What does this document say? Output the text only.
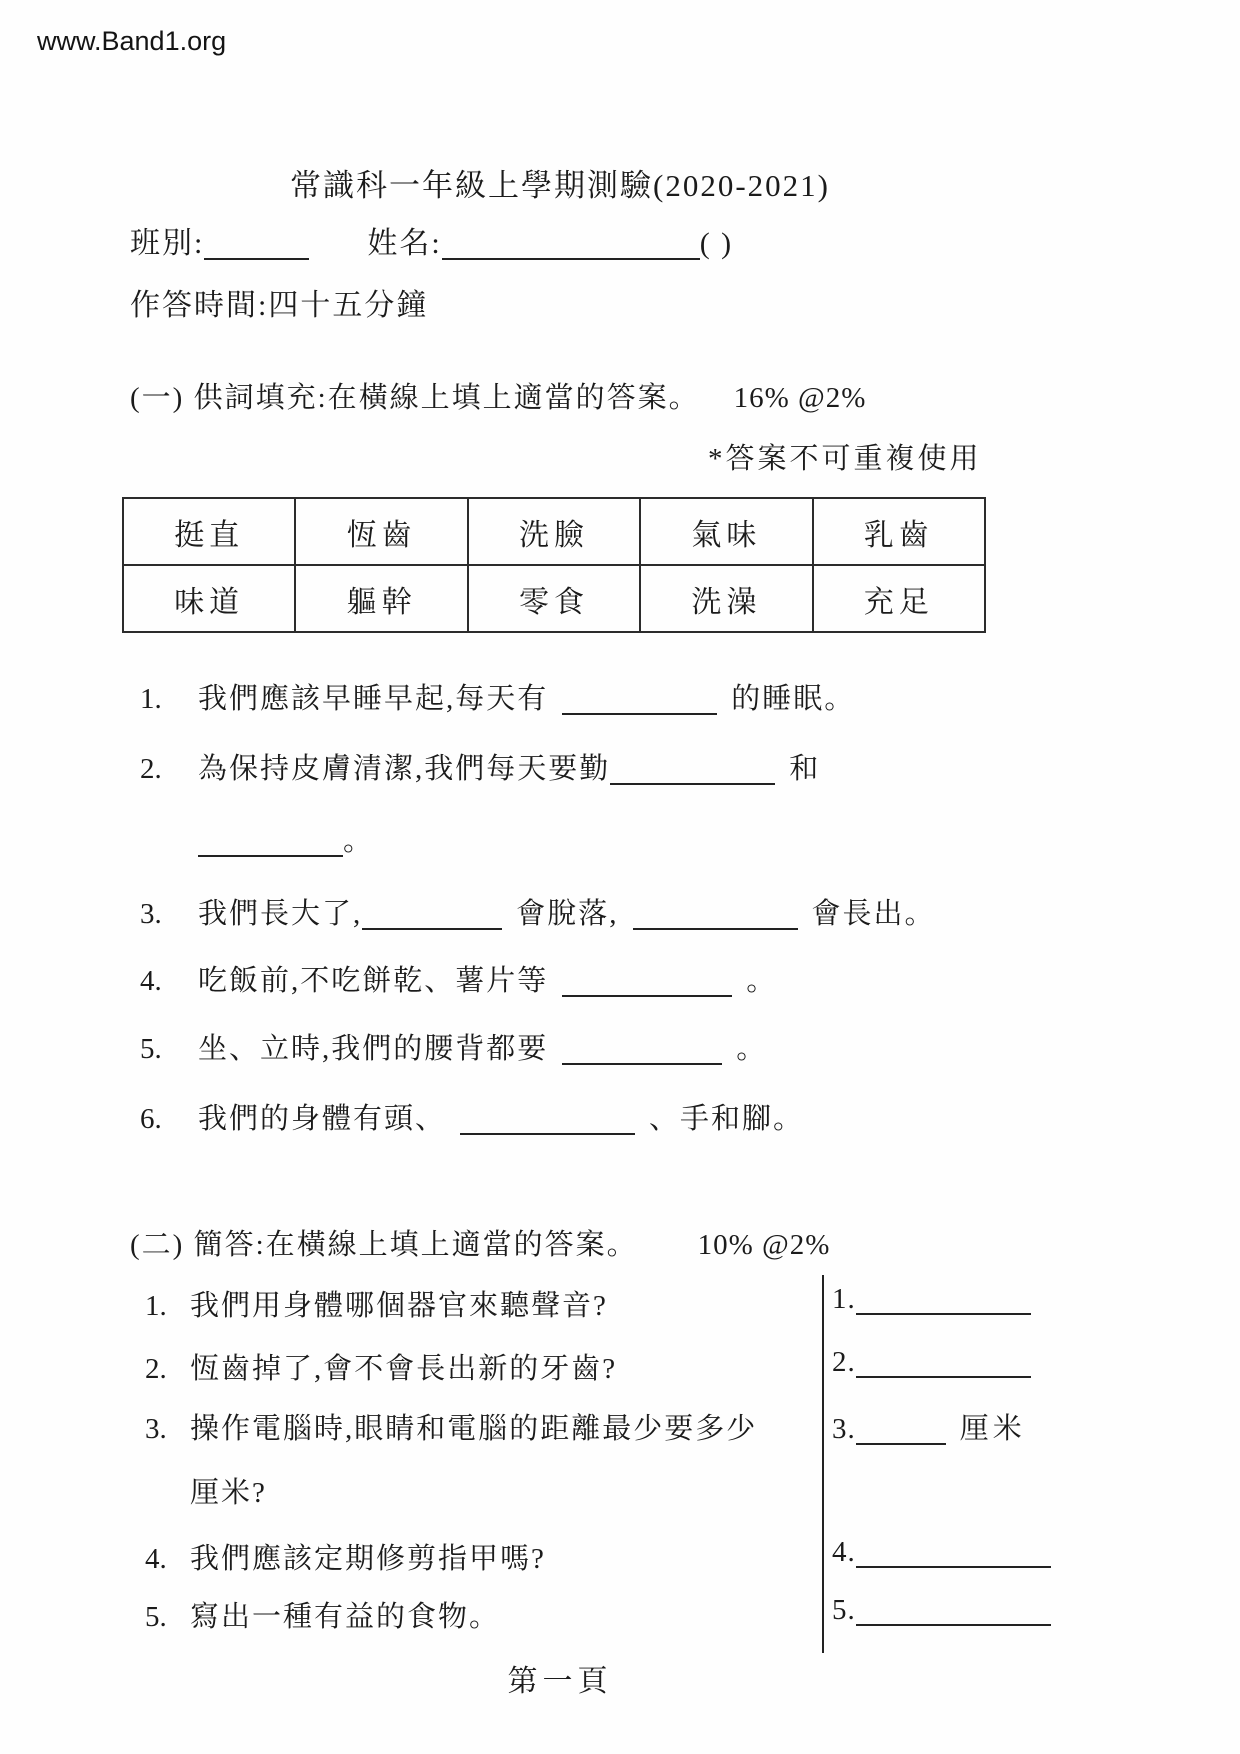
www.Band1.org
常識科一年級上學期測驗(2020-2021)
班別:	姓名:	( )
作答時間:四十五分鐘
(一) 供詞填充:在橫線上填上適當的答案。 16% @2%
*答案不可重複使用
挺直	恆齒	洗臉	氣味	乳齒
味道	軀幹	零食	洗澡	充足
1. 我們應該早睡早起,每天有	的睡眠。
2. 為保持皮膚清潔,我們每天要勤	和
。
3. 我們長大了,	會脫落,	會長出。
4. 吃飯前,不吃餅乾、薯片等	。
5. 坐、立時,我們的腰背都要	。
6. 我們的身體有頭、	、手和腳。
(二) 簡答:在橫線上填上適當的答案。 10% @2%
1. 我們用身體哪個器官來聽聲音?
2. 恆齒掉了,會不會長出新的牙齒?
3. 操作電腦時,眼睛和電腦的距離最少要多少
厘米?
4. 我們應該定期修剪指甲嗎?
5. 寫出一種有益的食物。
1.
2.
3.	厘米
4.
5.
第一頁
